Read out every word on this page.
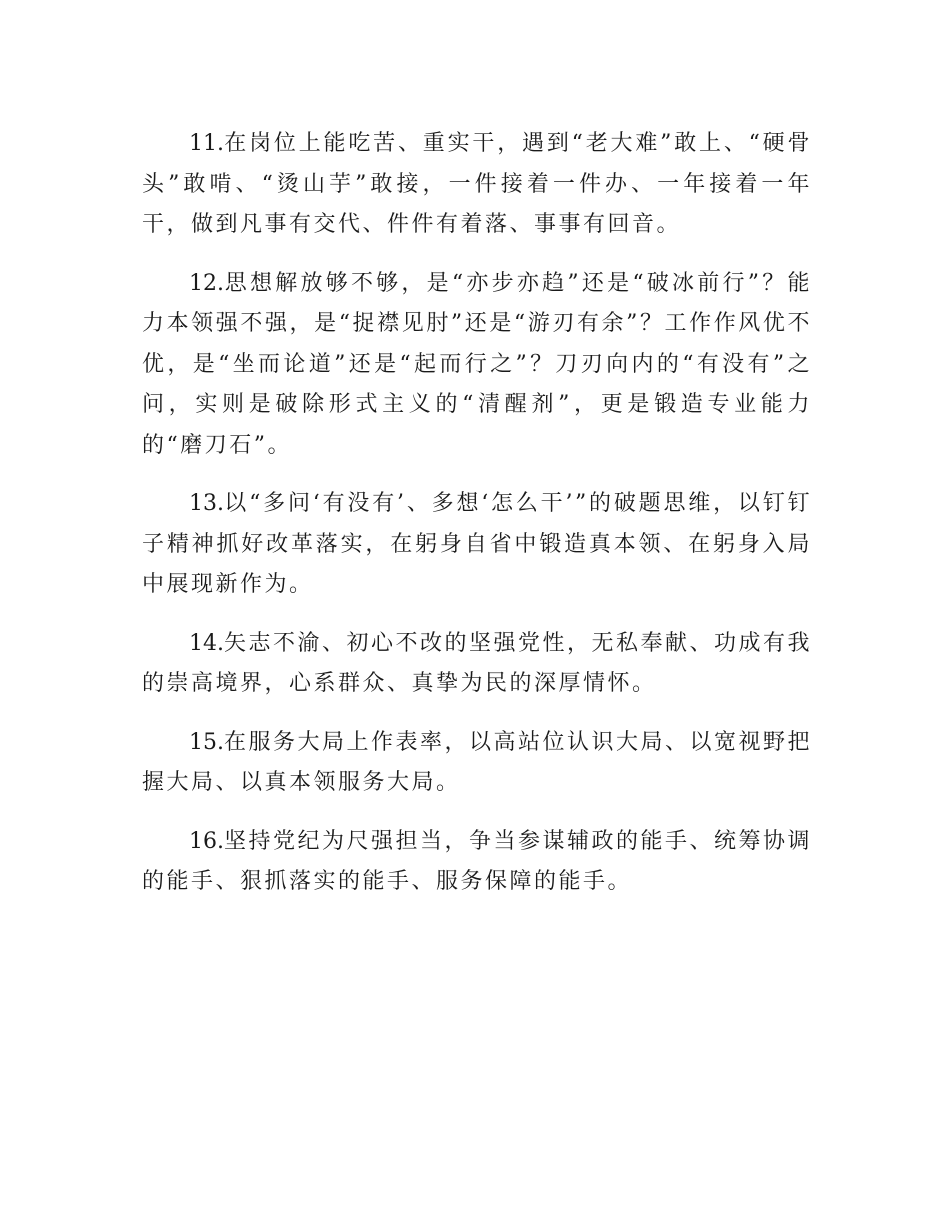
11.在岗位上能吃苦、重实干，遇到“老大难”敢上、“硬骨头”敢啃、“烫山芋”敢接，一件接着一件办、一年接着一年干，做到凡事有交代、件件有着落、事事有回音。

12.思想解放够不够，是“亦步亦趋”还是“破冰前行”？能力本领强不强，是“捉襟见肘”还是“游刃有余”？工作作风优不优，是“坐而论道”还是“起而行之”？刀刃向内的“有没有”之问，实则是破除形式主义的“清醒剂”，更是锻造专业能力的“磨刀石”。

13.以“多问‘有没有’、多想‘怎么干’”的破题思维，以钉钉子精神抓好改革落实，在躬身自省中锻造真本领、在躬身入局中展现新作为。

14.矢志不渝、初心不改的坚强党性，无私奉献、功成有我的崇高境界，心系群众、真挚为民的深厚情怀。

15.在服务大局上作表率，以高站位认识大局、以宽视野把握大局、以真本领服务大局。

16.坚持党纪为尺强担当，争当参谋辅政的能手、统筹协调的能手、狠抓落实的能手、服务保障的能手。
